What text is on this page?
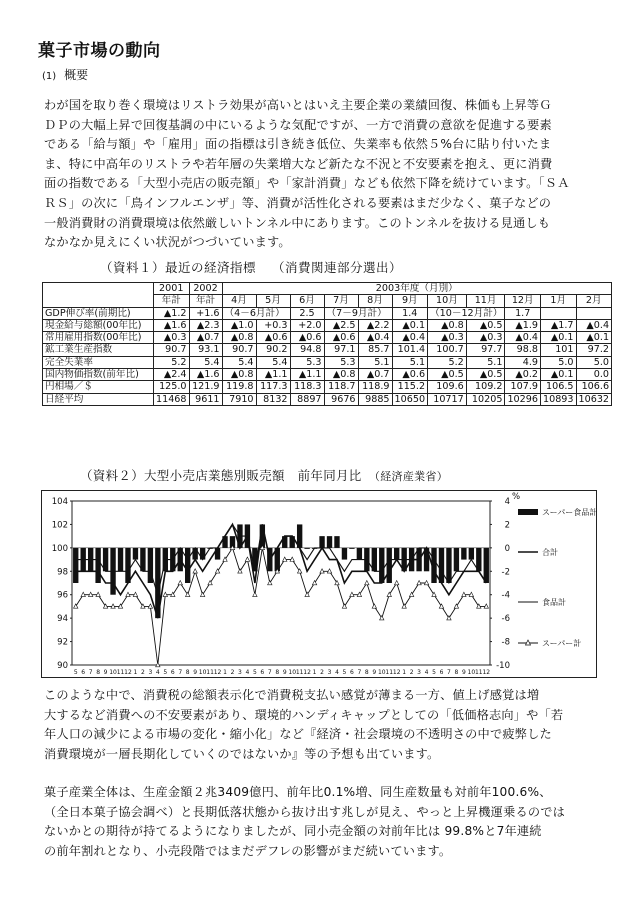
菓子市場の動向
(1) 概要

わが国を取り巻く環境はリストラ効果が高いとはいえ主要企業の業績回復、株価も上昇等Ｇ

ＤＰの大幅上昇で回復基調の中にいるような気配ですが、一方で消費の意欲を促進する要素

である「給与額」や「雇用」面の指標は引き続き低位、失業率も依然５%台に貼り付いたま

ま、特に中高年のリストラや若年層の失業増大など新たな不況と不安要素を抱え、更に消費

面の指数である「大型小売店の販売額」や「家計消費」なども依然下降を続けています。「ＳＡ

ＲＳ」の次に「鳥インフルエンザ」等、消費が活性化される要素はまだ少なく、菓子などの

一般消費財の消費環境は依然厳しいトンネル中にあります。このトンネルを抜ける見通しも

なかなか見えにくい状況がつづいています。

（資料１）最近の経済指標 （消費関連部分選出）
	2001	2002	2003年度（月別）										
	年計	年計	4月	5月	6月	7月	8月	9月	10月	11月	12月	1月	2月
GDP伸び率(前期比)	▲1.2	+1.6	（4－6月計）		2.5	（7－9月計）		1.4	（10－12月計）		1.7		
現金給与総額(00年比)	▲1.6	▲2.3	▲1.0	+0.3	+2.0	▲2.5	▲2.2	▲0.1	▲0.8	▲0.5	▲1.9	▲1.7	▲0.4
常用雇用指数(00年比)	▲0.3	▲0.7	▲0.8	▲0.6	▲0.6	▲0.6	▲0.4	▲0.4	▲0.3	▲0.3	▲0.4	▲0.1	▲0.1
鉱工業生産指数	90.7	93.1	90.7	90.2	94.8	97.1	85.7	101.4	100.7	97.7	98.8	101	97.2
完全失業率	5.2	5.4	5.4	5.4	5.3	5.3	5.1	5.1	5.2	5.1	4.9	5.0	5.0
国内物価指数(前年比)	▲2.4	▲1.6	▲0.8	▲1.1	▲1.1	▲0.8	▲0.7	▲0.6	▲0.5	▲0.5	▲0.2	▲0.1	0.0
円相場／＄	125.0	121.9	119.8	117.3	118.3	118.7	118.9	115.2	109.6	109.2	107.9	106.5	106.6
日経平均	11468	9611	7910	8132	8897	9676	9885	10650	10717	10205	10296	10893	10632
（資料２）大型小売店業態別販売額　前年同月比　 （経済産業省）
104
102
100
98
96
94
92
90
4
2
0
-2
-4
-6
-8
-10
%
5 6 7 8 9 10 11 12 1 2 3 4 5 6 7 8 9 10 11 12 1 2 3 4 5 6 7 8 9 10 11 12 1 2 3 4 5 6 7 8 9 10 11 12 1 2 3 4 5 6 7 8 9 10 11 12
スーパー食品計
合計
食品計
スーパー計

このような中で、消費税の総額表示化で消費税支払い感覚が薄まる一方、値上げ感覚は増

大するなど消費への不安要素があり、環境的ハンディキャップとしての「低価格志向」や「若

年人口の減少による市場の変化・縮小化」など『経済・社会環境の不透明さの中で疲弊した

消費環境が一層長期化していくのではないか』等の予想も出ています。

菓子産業全体は、生産金額２兆3409億円、前年比0.1%増、同生産数量も対前年100.6%、

（全日本菓子協会調べ）と長期低落状態から抜け出す兆しが見え、やっと上昇機運乗るのでは

ないかとの期待が持てるようになりましたが、同小売金額の対前年比は 99.8%と7年連続

の前年割れとなり、小売段階ではまだデフレの影響がまだ続いています。
